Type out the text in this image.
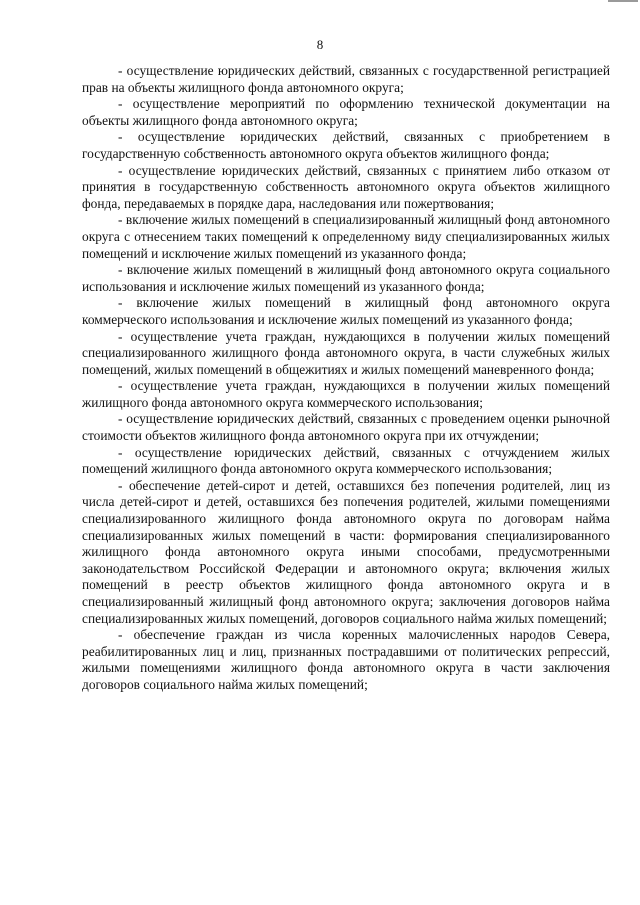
8

- осуществление юридических действий, связанных с государственной регистрацией прав на объекты жилищного фонда автономного округа;

- осуществление мероприятий по оформлению технической документации на объекты жилищного фонда автономного округа;

- осуществление юридических действий, связанных с приобретением в государственную собственность автономного округа объектов жилищного фонда;

- осуществление юридических действий, связанных с принятием либо отказом от принятия в государственную собственность автономного округа объектов жилищного фонда, передаваемых в порядке дара, наследования или пожертвования;

- включение жилых помещений в специализированный жилищный фонд автономного округа с отнесением таких помещений к определенному виду специализированных жилых помещений и исключение жилых помещений из указанного фонда;

- включение жилых помещений в жилищный фонд автономного округа социального использования и исключение жилых помещений из указанного фонда;

- включение жилых помещений в жилищный фонд автономного округа коммерческого использования и исключение жилых помещений из указанного фонда;

- осуществление учета граждан, нуждающихся в получении жилых помещений специализированного жилищного фонда автономного округа, в части служебных жилых помещений, жилых помещений в общежитиях и жилых помещений маневренного фонда;

- осуществление учета граждан, нуждающихся в получении жилых помещений жилищного фонда автономного округа коммерческого использования;

- осуществление юридических действий, связанных с проведением оценки рыночной стоимости объектов жилищного фонда автономного округа при их отчуждении;

- осуществление юридических действий, связанных с отчуждением жилых помещений жилищного фонда автономного округа коммерческого использования;

- обеспечение детей-сирот и детей, оставшихся без попечения родителей, лиц из числа детей-сирот и детей, оставшихся без попечения родителей, жилыми помещениями специализированного жилищного фонда автономного округа по договорам найма специализированных жилых помещений в части: формирования специализированного жилищного фонда автономного округа иными способами, предусмотренными законодательством Российской Федерации и автономного округа; включения жилых помещений в реестр объектов жилищного фонда автономного округа и в специализированный жилищный фонд автономного округа; заключения договоров найма специализированных жилых помещений, договоров социального найма жилых помещений;

- обеспечение граждан из числа коренных малочисленных народов Севера, реабилитированных лиц и лиц, признанных пострадавшими от политических репрессий, жилыми помещениями жилищного фонда автономного округа в части заключения договоров социального найма жилых помещений;
